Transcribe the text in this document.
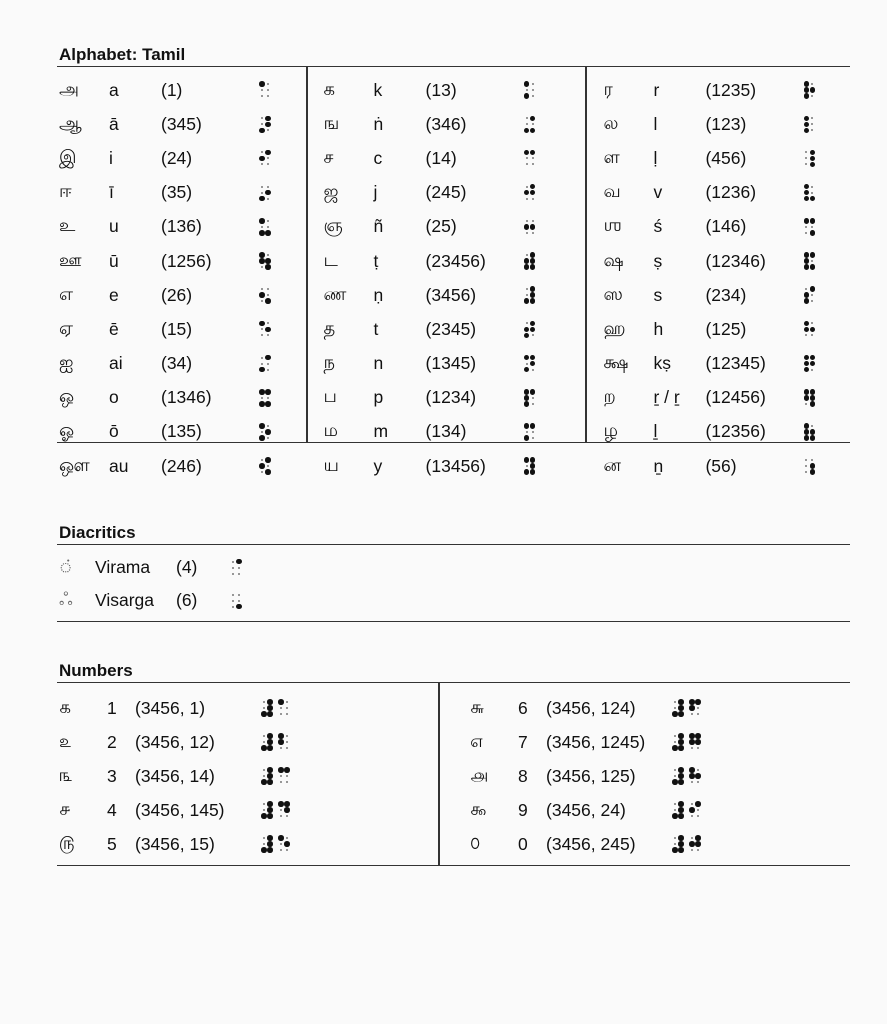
Alphabet: Tamil
அ	a	(1)
ஆ	ā	(345)
இ	i	(24)
ஈ	ī	(35)
உ	u	(136)
ஊ	ū	(1256)
எ	e	(26)
ஏ	ē	(15)
ஐ	ai	(34)
ஒ	o	(1346)
ஓ	ō	(135)
ஔ	au	(246)
க	k	(13)
ங	ṅ	(346)
ச	c	(14)
ஜ	j	(245)
ஞ	ñ	(25)
ட	ṭ	(23456)
ண	ṇ	(3456)
த	t	(2345)
ந	n	(1345)
ப	p	(1234)
ம	m	(134)
ய	y	(13456)
ர	r	(1235)
ல	l	(123)
ள	ḷ	(456)
வ	v	(1236)
ஶ	ś	(146)
ஷ	ṣ	(12346)
ஸ	s	(234)
ஹ	h	(125)
க்ஷ	kṣ	(12345)
ற	ṟ / ṟ	(12456)
ழ	ḻ	(12356)
ன	ṉ	(56)
Diacritics
◌்	Virama	(4)
ஃ	Visarga	(6)
Numbers
௧	1	(3456, 1)
௨	2	(3456, 12)
௩	3	(3456, 14)
௪	4	(3456, 145)
௫	5	(3456, 15)
௬	6	(3456, 124)
௭	7	(3456, 1245)
௮	8	(3456, 125)
௯	9	(3456, 24)
௦	0	(3456, 245)
